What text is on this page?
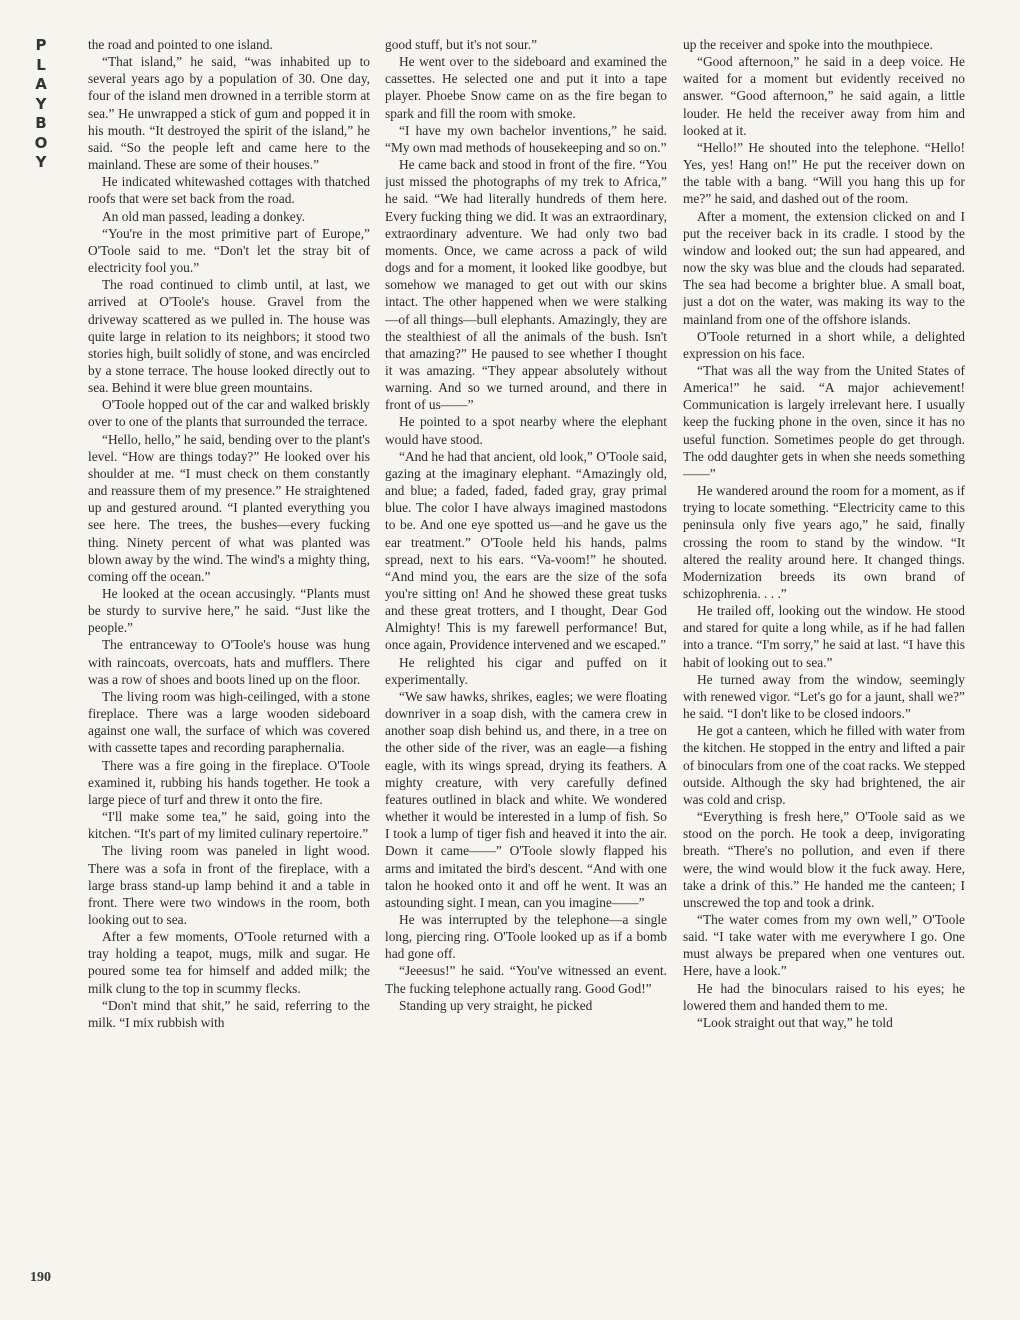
P
L
A
Y
B
O
Y

the road and pointed to one island.

“That island,” he said, “was inhabited up to several years ago by a population of 30. One day, four of the island men drowned in a terrible storm at sea.” He unwrapped a stick of gum and popped it in his mouth. “It destroyed the spirit of the island,” he said. “So the people left and came here to the mainland. These are some of their houses.”

He indicated whitewashed cottages with thatched roofs that were set back from the road.

An old man passed, leading a donkey.

“You're in the most primitive part of Europe,” O'Toole said to me. “Don't let the stray bit of electricity fool you.”

The road continued to climb until, at last, we arrived at O'Toole's house. Gravel from the driveway scattered as we pulled in. The house was quite large in relation to its neighbors; it stood two stories high, built solidly of stone, and was encircled by a stone terrace. The house looked directly out to sea. Behind it were blue green mountains.

O'Toole hopped out of the car and walked briskly over to one of the plants that surrounded the terrace.

“Hello, hello,” he said, bending over to the plant's level. “How are things today?” He looked over his shoulder at me. “I must check on them constantly and reassure them of my presence.” He straightened up and gestured around. “I planted everything you see here. The trees, the bushes—every fucking thing. Ninety percent of what was planted was blown away by the wind. The wind's a mighty thing, coming off the ocean.”

He looked at the ocean accusingly. “Plants must be sturdy to survive here,” he said. “Just like the people.”

The entranceway to O'Toole's house was hung with raincoats, overcoats, hats and mufflers. There was a row of shoes and boots lined up on the floor.

The living room was high-ceilinged, with a stone fireplace. There was a large wooden sideboard against one wall, the surface of which was covered with cassette tapes and recording paraphernalia.

There was a fire going in the fireplace. O'Toole examined it, rubbing his hands together. He took a large piece of turf and threw it onto the fire.

“I'll make some tea,” he said, going into the kitchen. “It's part of my limited culinary repertoire.”

The living room was paneled in light wood. There was a sofa in front of the fireplace, with a large brass stand-up lamp behind it and a table in front. There were two windows in the room, both looking out to sea.

After a few moments, O'Toole returned with a tray holding a teapot, mugs, milk and sugar. He poured some tea for himself and added milk; the milk clung to the top in scummy flecks.

“Don't mind that shit,” he said, referring to the milk. “I mix rubbish with

good stuff, but it's not sour.”

He went over to the sideboard and examined the cassettes. He selected one and put it into a tape player. Phoebe Snow came on as the fire began to spark and fill the room with smoke.

“I have my own bachelor inventions,” he said. “My own mad methods of housekeeping and so on.”

He came back and stood in front of the fire. “You just missed the photographs of my trek to Africa,” he said. “We had literally hundreds of them here. Every fucking thing we did. It was an extraordinary, extraordinary adventure. We had only two bad moments. Once, we came across a pack of wild dogs and for a moment, it looked like goodbye, but somehow we managed to get out with our skins intact. The other happened when we were stalking—of all things—bull elephants. Amazingly, they are the stealthiest of all the animals of the bush. Isn't that amazing?” He paused to see whether I thought it was amazing. “They appear absolutely without warning. And so we turned around, and there in front of us——”

He pointed to a spot nearby where the elephant would have stood.

“And he had that ancient, old look,” O'Toole said, gazing at the imaginary elephant. “Amazingly old, and blue; a faded, faded, faded gray, gray primal blue. The color I have always imagined mastodons to be. And one eye spotted us—and he gave us the ear treatment.” O'Toole held his hands, palms spread, next to his ears. “Va-voom!” he shouted. “And mind you, the ears are the size of the sofa you're sitting on! And he showed these great tusks and these great trotters, and I thought, Dear God Almighty! This is my farewell performance! But, once again, Providence intervened and we escaped.”

He relighted his cigar and puffed on it experimentally.

“We saw hawks, shrikes, eagles; we were floating downriver in a soap dish, with the camera crew in another soap dish behind us, and there, in a tree on the other side of the river, was an eagle—a fishing eagle, with its wings spread, drying its feathers. A mighty creature, with very carefully defined features outlined in black and white. We wondered whether it would be interested in a lump of fish. So I took a lump of tiger fish and heaved it into the air. Down it came——” O'Toole slowly flapped his arms and imitated the bird's descent. “And with one talon he hooked onto it and off he went. It was an astounding sight. I mean, can you imagine——”

He was interrupted by the telephone—a single long, piercing ring. O'Toole looked up as if a bomb had gone off.

“Jeeesus!” he said. “You've witnessed an event. The fucking telephone actually rang. Good God!”

Standing up very straight, he picked

up the receiver and spoke into the mouthpiece.

“Good afternoon,” he said in a deep voice. He waited for a moment but evidently received no answer. “Good afternoon,” he said again, a little louder. He held the receiver away from him and looked at it.

“Hello!” He shouted into the telephone. “Hello! Yes, yes! Hang on!” He put the receiver down on the table with a bang. “Will you hang this up for me?” he said, and dashed out of the room.

After a moment, the extension clicked on and I put the receiver back in its cradle. I stood by the window and looked out; the sun had appeared, and now the sky was blue and the clouds had separated. The sea had become a brighter blue. A small boat, just a dot on the water, was making its way to the mainland from one of the offshore islands.

O'Toole returned in a short while, a delighted expression on his face.

“That was all the way from the United States of America!” he said. “A major achievement! Communication is largely irrelevant here. I usually keep the fucking phone in the oven, since it has no useful function. Sometimes people do get through. The odd daughter gets in when she needs something——”

He wandered around the room for a moment, as if trying to locate something. “Electricity came to this peninsula only five years ago,” he said, finally crossing the room to stand by the window. “It altered the reality around here. It changed things. Modernization breeds its own brand of schizophrenia. . . .”

He trailed off, looking out the window. He stood and stared for quite a long while, as if he had fallen into a trance. “I'm sorry,” he said at last. “I have this habit of looking out to sea.”

He turned away from the window, seemingly with renewed vigor. “Let's go for a jaunt, shall we?” he said. “I don't like to be closed indoors.”

He got a canteen, which he filled with water from the kitchen. He stopped in the entry and lifted a pair of binoculars from one of the coat racks. We stepped outside. Although the sky had brightened, the air was cold and crisp.

“Everything is fresh here,” O'Toole said as we stood on the porch. He took a deep, invigorating breath. “There's no pollution, and even if there were, the wind would blow it the fuck away. Here, take a drink of this.” He handed me the canteen; I unscrewed the top and took a drink.

“The water comes from my own well,” O'Toole said. “I take water with me everywhere I go. One must always be prepared when one ventures out. Here, have a look.”

He had the binoculars raised to his eyes; he lowered them and handed them to me.

“Look straight out that way,” he told

190
